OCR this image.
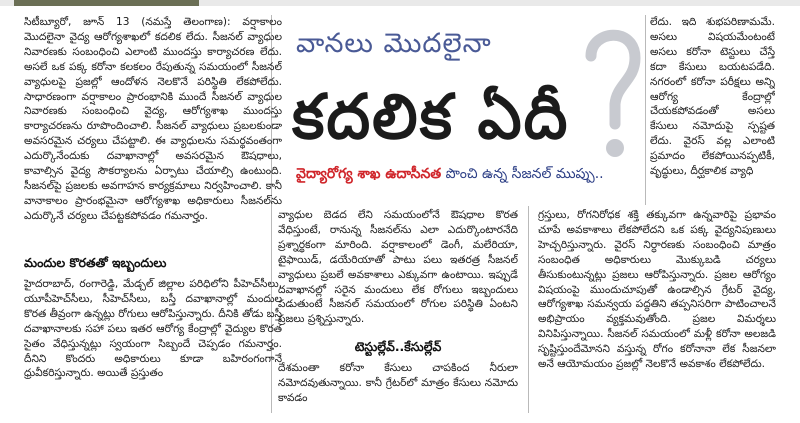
సిటీబ్యూరో, జూన్ 13 (నమస్తే తెలంగాణ): వర్షాకాలం మొదలైనా వైద్య ఆరోగ్యశాఖలో కదలిక లేదు. సీజనల్ వ్యాధుల నివారణకు సంబంధించి ఎలాంటి ముందస్తు కార్యాచరణ లేదు. అసలే ఒక పక్క కరోనా కలకలం రేపుతున్న సమయంలో సీజనల్ వ్యాధులపై ప్రజల్లో ఆందోళన నెలకొనే పరిస్థితి లేకపోలేదు. సాధారణంగా వర్షాకాలం ప్రారంభానికి ముందే సీజనల్ వ్యాధుల నివారణకు సంబంధించి వైద్య, ఆరోగ్యశాఖ ముందస్తు కార్యాచరణను రూపొందించాలి. సీజనల్ వ్యాధులు ప్రబలకుండా అవసరమైన చర్యలు చేపట్టాలి. ఈ వ్యాధులను సమర్థవంతంగా ఎదుర్కొనేందుకు దవాఖానాల్లో అవసరమైన ఔషధాలు, కావాల్సిన వైద్య సౌకర్యాలను ఏర్పాటు చేయాల్సి ఉంటుంది. సీజనల్‌పై ప్రజలకు అవగాహన కార్యక్రమాలు నిర్వహించాలి. కానీ వానాకాలం ప్రారంభమైనా ఆరోగ్యశాఖ అధికారులు సీజనల్‌ను ఎదుర్కొనే చర్యలు చేపట్టకపోవడం గమనార్హం.

మందుల కొరతతో ఇబ్బందులు

హైదరాబాద్, రంగారెడ్డి, మేడ్చల్ జిల్లాల పరిధిలోని పీహెచ్‌సీలు, యూపీహెచ్‌సీలు, సీహెచ్‌సీలు, బస్తీ దవాఖానాల్లో మందుల కొరత తీవ్రంగా ఉన్నట్లు రోగులు ఆరోపిస్తున్నారు. దీనికి తోడు బస్తీ దవాఖానాలకు సహా పలు ఇతర ఆరోగ్య కేంద్రాల్లో వైద్యుల కొరత సైతం వేధిస్తున్నట్లు స్వయంగా సిబ్బందే చెప్పడం గమనార్హం. దీనిని కొందరు అధికారులు కూడా బహిరంగంగానే ధ్రువీకరిస్తున్నారు. అయితే ప్రస్తుతం

వానలు మొదలైనా
కదలిక ఏదీ
వైద్యారోగ్య శాఖ ఉదాసీనత పొంచి ఉన్న సీజనల్ ముప్పు..

లేదు. ఇది శుభపరిణామమే. అసలు విషయమేంటంటే అసలు కరోనా టెస్టులు చేస్తే కదా కేసులు బయటపడేది. నగరంలో కరోనా పరీక్షలు అన్ని ఆరోగ్య కేంద్రాల్లో చేయకపోవడంతో అసలు కేసులు నమోదుపై స్పష్టత లేదు. వైరస్ వల్ల ఎలాంటి ప్రమాదం లేకపోయినప్పటికీ, వృద్ధులు, దీర్ఘకాలిక వ్యాధి

వ్యాధుల బెడద లేని సమయంలోనే ఔషధాల కొరత వేధిస్తుంటే, రానున్న సీజనల్‌ను ఎలా ఎదుర్కొంటారనేది ప్రశ్నార్థకంగా మారింది. వర్షాకాలంలో డెంగీ, మలేరియా, టైఫాయిడ్, డయేరియాతో పాటు పలు ఇతరత్ర సీజనల్ వ్యాధులు ప్రబలే అవకాశాలు ఎక్కువగా ఉంటాయి. ఇప్పుడే దవాఖానల్లో సరైన మందులు లేక రోగులు ఇబ్బందులు పడుతుంటే సీజనల్ సమయంలో రోగుల పరిస్థితి ఏంటని ప్రజలు ప్రశ్నిస్తున్నారు.

టెస్టుల్లేవ్..కేసుల్లేవ్

దేశమంతా కరోనా కేసులు చాపకింద నీరులా నమోదవుతున్నాయి. కానీ గ్రేటర్‌లో మాత్రం కేసులు నమోదు కావడం

గ్రస్తులు, రోగనిరోధక శక్తి తక్కువగా ఉన్నవారిపై ప్రభావం చూపే అవకాశాలు లేకపోలేదని ఒక పక్క వైద్యనిపుణులు హెచ్చరిస్తున్నారు. వైరస్ నిర్ధారణకు సంబంధించి మాత్రం సంబంధిత అధికారులు మొక్కుబడి చర్యలు తీసుకుంటున్నట్లు ప్రజలు ఆరోపిస్తున్నారు. ప్రజల ఆరోగ్యం విషయంపై ముందుచూపుతో ఉండాల్సిన గ్రేటర్ వైద్య, ఆరోగ్యశాఖ సమన్వయ పద్ధతిని తప్పనిసరిగా పాటించాలనే అభిప్రాయం వ్యక్తమవుతోంది. ప్రజల విమర్శలు వినిపిస్తున్నాయి. సీజనల్ సమయంలో మళ్లీ కరోనా అలజడి సృష్టిస్తుందేమోనని వస్తున్న రోగం కరోనానా లేక సీజనలా అనే ఆయోమయం ప్రజల్లో నెలకొనే అవకాశం లేకపోలేదు.
